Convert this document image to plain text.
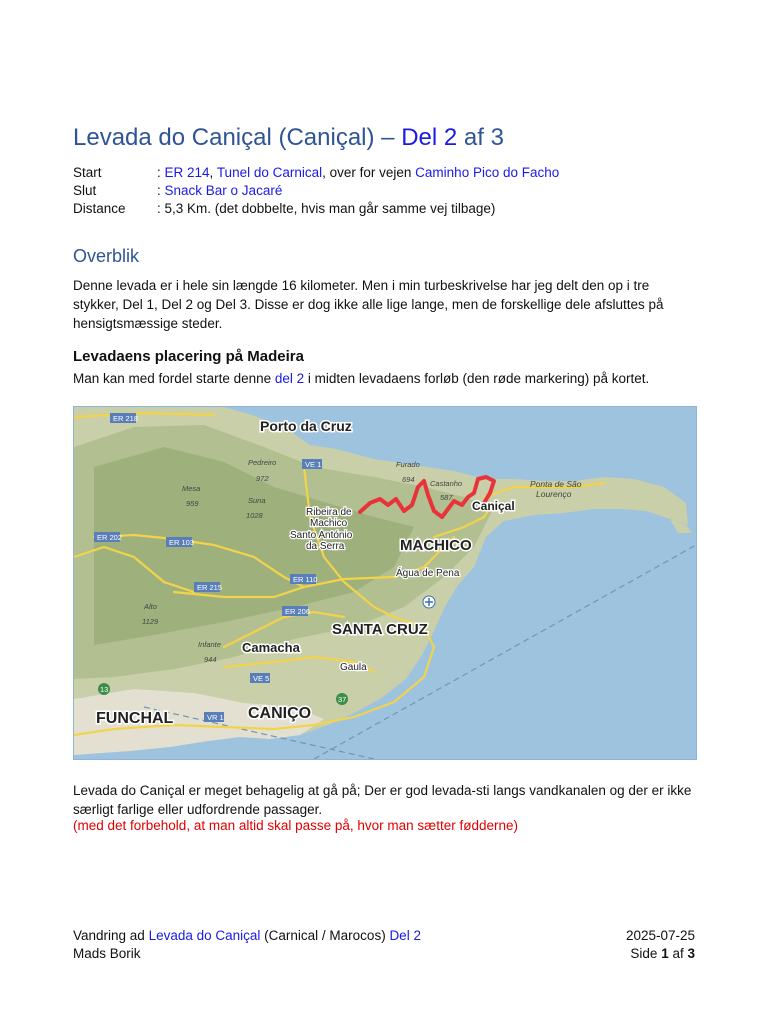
Levada do Caniçal (Caniçal) – Del 2 af 3
Start	: ER 214, Tunel do Carnical, over for vejen Caminho Pico do Facho
Slut	: Snack Bar o Jacaré
Distance	: 5,3 Km. (det dobbelte, hvis man går samme vej tilbage)
Overblik

Denne levada er i hele sin længde 16 kilometer. Men i min turbeskrivelse har jeg delt den op i tre stykker, Del 1, Del 2 og Del 3. Disse er dog ikke alle lige lange, men de forskellige dele afsluttes på hensigtsmæssige steder.

Levadaens placering på Madeira

Man kan med fordel starte denne del 2 i midten levadaens forløb (den røde markering) på kortet.

Porto da Cruz
MACHICO
SANTA CRUZ
FUNCHAL	CANIÇO
Camacha
Caniçal
Gaula
Água de Pena
Ribeira de
Machico
Santo António
da Serra
Ponta de São
Lourenço
Pedreiro
972
Mesa
959	Suna
1028
Furado
694 Castanho
587
Alto
1129
Infante
944
ER 218
VE 1
ER 202
ER 103
ER 215
ER 110
ER 206
VE 5
VR 1
37
13

Levada do Caniçal er meget behagelig at gå på; Der er god levada-sti langs vandkanalen og der er ikke særligt farlige eller udfordrende passager.

(med det forbehold, at man altid skal passe på, hvor man sætter fødderne)

Vandring ad Levada do Caniçal (Carnical / Marocos) Del 2	2025-07-25
Mads Borik	Side 1 af 3
